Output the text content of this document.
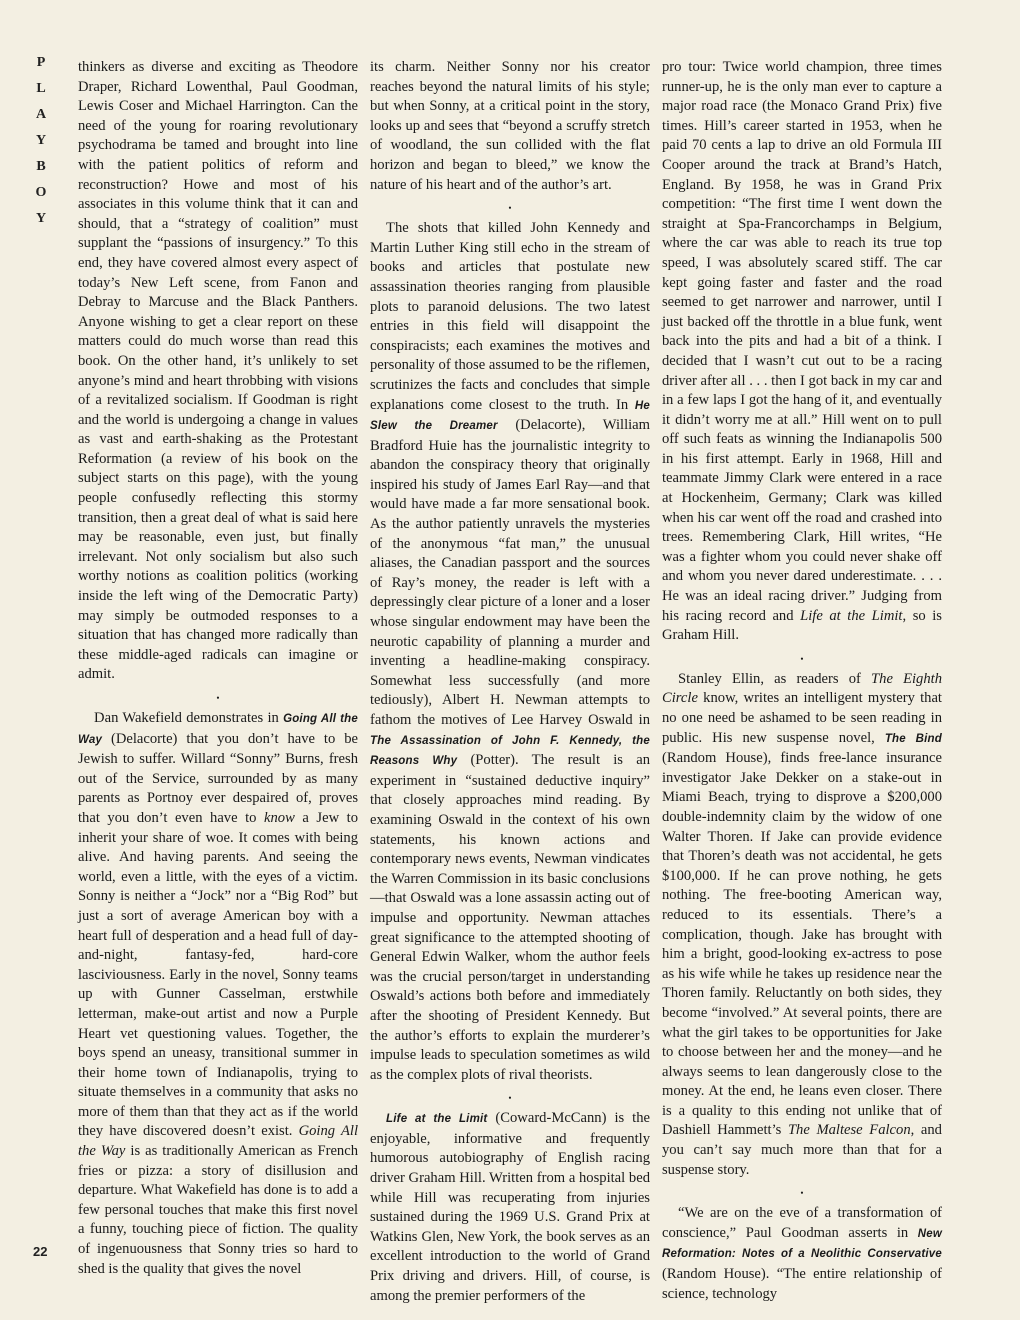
P
L
A
Y
B
O
Y
22

thinkers as diverse and exciting as Theodore Draper, Richard Lowenthal, Paul Goodman, Lewis Coser and Michael Harrington. Can the need of the young for roaring revolutionary psychodrama be tamed and brought into line with the patient politics of reform and reconstruction? Howe and most of his associates in this volume think that it can and should, that a “strategy of coalition” must supplant the “passions of insurgency.” To this end, they have covered almost every aspect of today’s New Left scene, from Fanon and Debray to Marcuse and the Black Panthers. Anyone wishing to get a clear report on these matters could do much worse than read this book. On the other hand, it’s unlikely to set anyone’s mind and heart throbbing with visions of a revitalized socialism. If Goodman is right and the world is undergoing a change in values as vast and earth-shaking as the Protestant Reformation (a review of his book on the subject starts on this page), with the young people confusedly reflecting this stormy transition, then a great deal of what is said here may be reasonable, even just, but finally irrelevant. Not only socialism but also such worthy notions as coalition politics (working inside the left wing of the Democratic Party) may simply be outmoded responses to a situation that has changed more radically than these middle-aged radicals can imagine or admit.

•

Dan Wakefield demonstrates in Going All the Way (Delacorte) that you don’t have to be Jewish to suffer. Willard “Sonny” Burns, fresh out of the Service, surrounded by as many parents as Portnoy ever despaired of, proves that you don’t even have to know a Jew to inherit your share of woe. It comes with being alive. And having parents. And seeing the world, even a little, with the eyes of a victim. Sonny is neither a “Jock” nor a “Big Rod” but just a sort of average American boy with a heart full of desperation and a head full of day-and-night, fantasy-fed, hard-core lasciviousness. Early in the novel, Sonny teams up with Gunner Casselman, erstwhile letterman, make-out artist and now a Purple Heart vet questioning values. Together, the boys spend an uneasy, transitional summer in their home town of Indianapolis, trying to situate themselves in a community that asks no more of them than that they act as if the world they have discovered doesn’t exist. Going All the Way is as traditionally American as French fries or pizza: a story of disillusion and departure. What Wakefield has done is to add a few personal touches that make this first novel a funny, touching piece of fiction. The quality of ingenuousness that Sonny tries so hard to shed is the quality that gives the novel

its charm. Neither Sonny nor his creator reaches beyond the natural limits of his style; but when Sonny, at a critical point in the story, looks up and sees that “beyond a scruffy stretch of woodland, the sun collided with the flat horizon and began to bleed,” we know the nature of his heart and of the author’s art.

•

The shots that killed John Kennedy and Martin Luther King still echo in the stream of books and articles that postulate new assassination theories ranging from plausible plots to paranoid delusions. The two latest entries in this field will disappoint the conspiracists; each examines the motives and personality of those assumed to be the riflemen, scrutinizes the facts and concludes that simple explanations come closest to the truth. In He Slew the Dreamer (Delacorte), William Bradford Huie has the journalistic integrity to abandon the conspiracy theory that originally inspired his study of James Earl Ray—and that would have made a far more sensational book. As the author patiently unravels the mysteries of the anonymous “fat man,” the unusual aliases, the Canadian passport and the sources of Ray’s money, the reader is left with a depressingly clear picture of a loner and a loser whose singular endowment may have been the neurotic capability of planning a murder and inventing a headline-making conspiracy. Somewhat less successfully (and more tediously), Albert H. Newman attempts to fathom the motives of Lee Harvey Oswald in The Assassination of John F. Kennedy, the Reasons Why (Potter). The result is an experiment in “sustained deductive inquiry” that closely approaches mind reading. By examining Oswald in the context of his own statements, his known actions and contemporary news events, Newman vindicates the Warren Commission in its basic conclusions—that Oswald was a lone assassin acting out of impulse and opportunity. Newman attaches great significance to the attempted shooting of General Edwin Walker, whom the author feels was the crucial person/target in understanding Oswald’s actions both before and immediately after the shooting of President Kennedy. But the author’s efforts to explain the murderer’s impulse leads to speculation sometimes as wild as the complex plots of rival theorists.

•

Life at the Limit (Coward-McCann) is the enjoyable, informative and frequently humorous autobiography of English racing driver Graham Hill. Written from a hospital bed while Hill was recuperating from injuries sustained during the 1969 U.S. Grand Prix at Watkins Glen, New York, the book serves as an excellent introduction to the world of Grand Prix driving and drivers. Hill, of course, is among the premier performers of the

pro tour: Twice world champion, three times runner-up, he is the only man ever to capture a major road race (the Monaco Grand Prix) five times. Hill’s career started in 1953, when he paid 70 cents a lap to drive an old Formula III Cooper around the track at Brand’s Hatch, England. By 1958, he was in Grand Prix competition: “The first time I went down the straight at Spa-Francorchamps in Belgium, where the car was able to reach its true top speed, I was absolutely scared stiff. The car kept going faster and faster and the road seemed to get narrower and narrower, until I just backed off the throttle in a blue funk, went back into the pits and had a bit of a think. I decided that I wasn’t cut out to be a racing driver after all . . . then I got back in my car and in a few laps I got the hang of it, and eventually it didn’t worry me at all.” Hill went on to pull off such feats as winning the Indianapolis 500 in his first attempt. Early in 1968, Hill and teammate Jimmy Clark were entered in a race at Hockenheim, Germany; Clark was killed when his car went off the road and crashed into trees. Remembering Clark, Hill writes, “He was a fighter whom you could never shake off and whom you never dared underestimate. . . . He was an ideal racing driver.” Judging from his racing record and Life at the Limit, so is Graham Hill.

•

Stanley Ellin, as readers of The Eighth Circle know, writes an intelligent mystery that no one need be ashamed to be seen reading in public. His new suspense novel, The Bind (Random House), finds free-lance insurance investigator Jake Dekker on a stake-out in Miami Beach, trying to disprove a $200,000 double-indemnity claim by the widow of one Walter Thoren. If Jake can provide evidence that Thoren’s death was not accidental, he gets $100,000. If he can prove nothing, he gets nothing. The free-booting American way, reduced to its essentials. There’s a complication, though. Jake has brought with him a bright, good-looking ex-actress to pose as his wife while he takes up residence near the Thoren family. Reluctantly on both sides, they become “involved.” At several points, there are what the girl takes to be opportunities for Jake to choose between her and the money—and he always seems to lean dangerously close to the money. At the end, he leans even closer. There is a quality to this ending not unlike that of Dashiell Hammett’s The Maltese Falcon, and you can’t say much more than that for a suspense story.

•

“We are on the eve of a transformation of conscience,” Paul Goodman asserts in New Reformation: Notes of a Neolithic Conservative (Random House). “The entire relationship of science, technology
